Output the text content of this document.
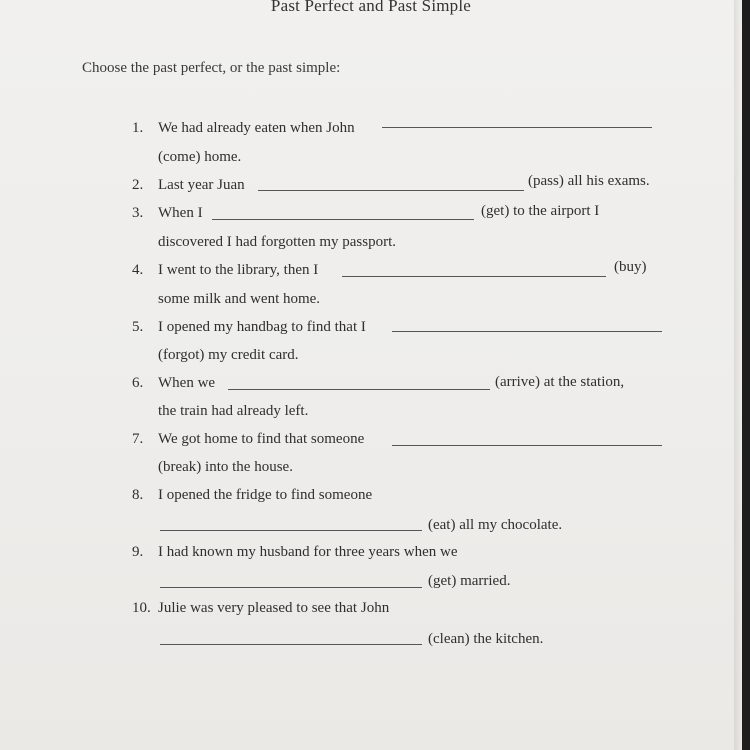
Past Perfect and Past Simple
Choose the past perfect, or the past simple:
1. We had already eaten when John
(come) home.
2. Last year Juan	(pass) all his exams.
3. When I	(get) to the airport I
discovered I had forgotten my passport.
4. I went to the library, then I	(buy)
some milk and went home.
5. I opened my handbag to find that I
(forgot) my credit card.
6. When we	(arrive) at the station,
the train had already left.
7. We got home to find that someone
(break) into the house.
8. I opened the fridge to find someone
(eat) all my chocolate.
9. I had known my husband for three years when we
(get) married.
10. Julie was very pleased to see that John
(clean) the kitchen.
